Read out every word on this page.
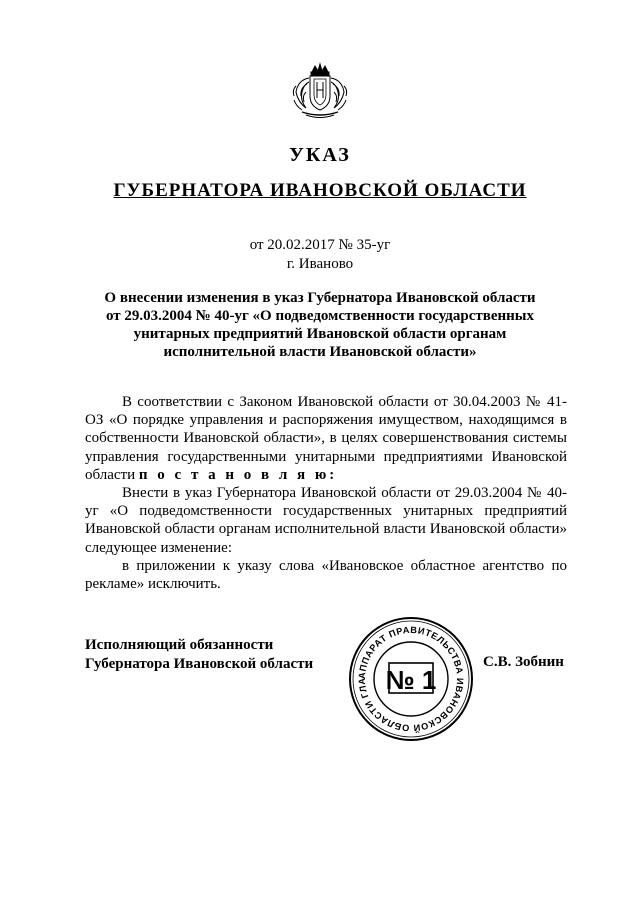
УКАЗ
ГУБЕРНАТОРА ИВАНОВСКОЙ ОБЛАСТИ
от 20.02.2017 № 35-уг
г. Иваново
О внесении изменения в указ Губернатора Ивановской области от 29.03.2004 № 40-уг «О подведомственности государственных унитарных предприятий Ивановской области органам исполнительной власти Ивановской области»

В соответствии с Законом Ивановской области от 30.04.2003 № 41-ОЗ «О порядке управления и распоряжения имуществом, находящимся в собственности Ивановской области», в целях совершенствования системы управления государственными унитарными предприятиями Ивановской области п о с т а н о в л я ю:

Внести в указ Губернатора Ивановской области от 29.03.2004 № 40-уг «О подведомственности государственных унитарных предприятий Ивановской области органам исполнительной власти Ивановской области» следующее изменение:

в приложении к указу слова «Ивановское областное агентство по рекламе» исключить.

Исполняющий обязанности
Губернатора Ивановской области
АППАРАТ ПРАВИТЕЛЬСТВА ИВАНОВСКОЙ ОБЛАСТИ ГЛА № 1
С.В. Зобнин
